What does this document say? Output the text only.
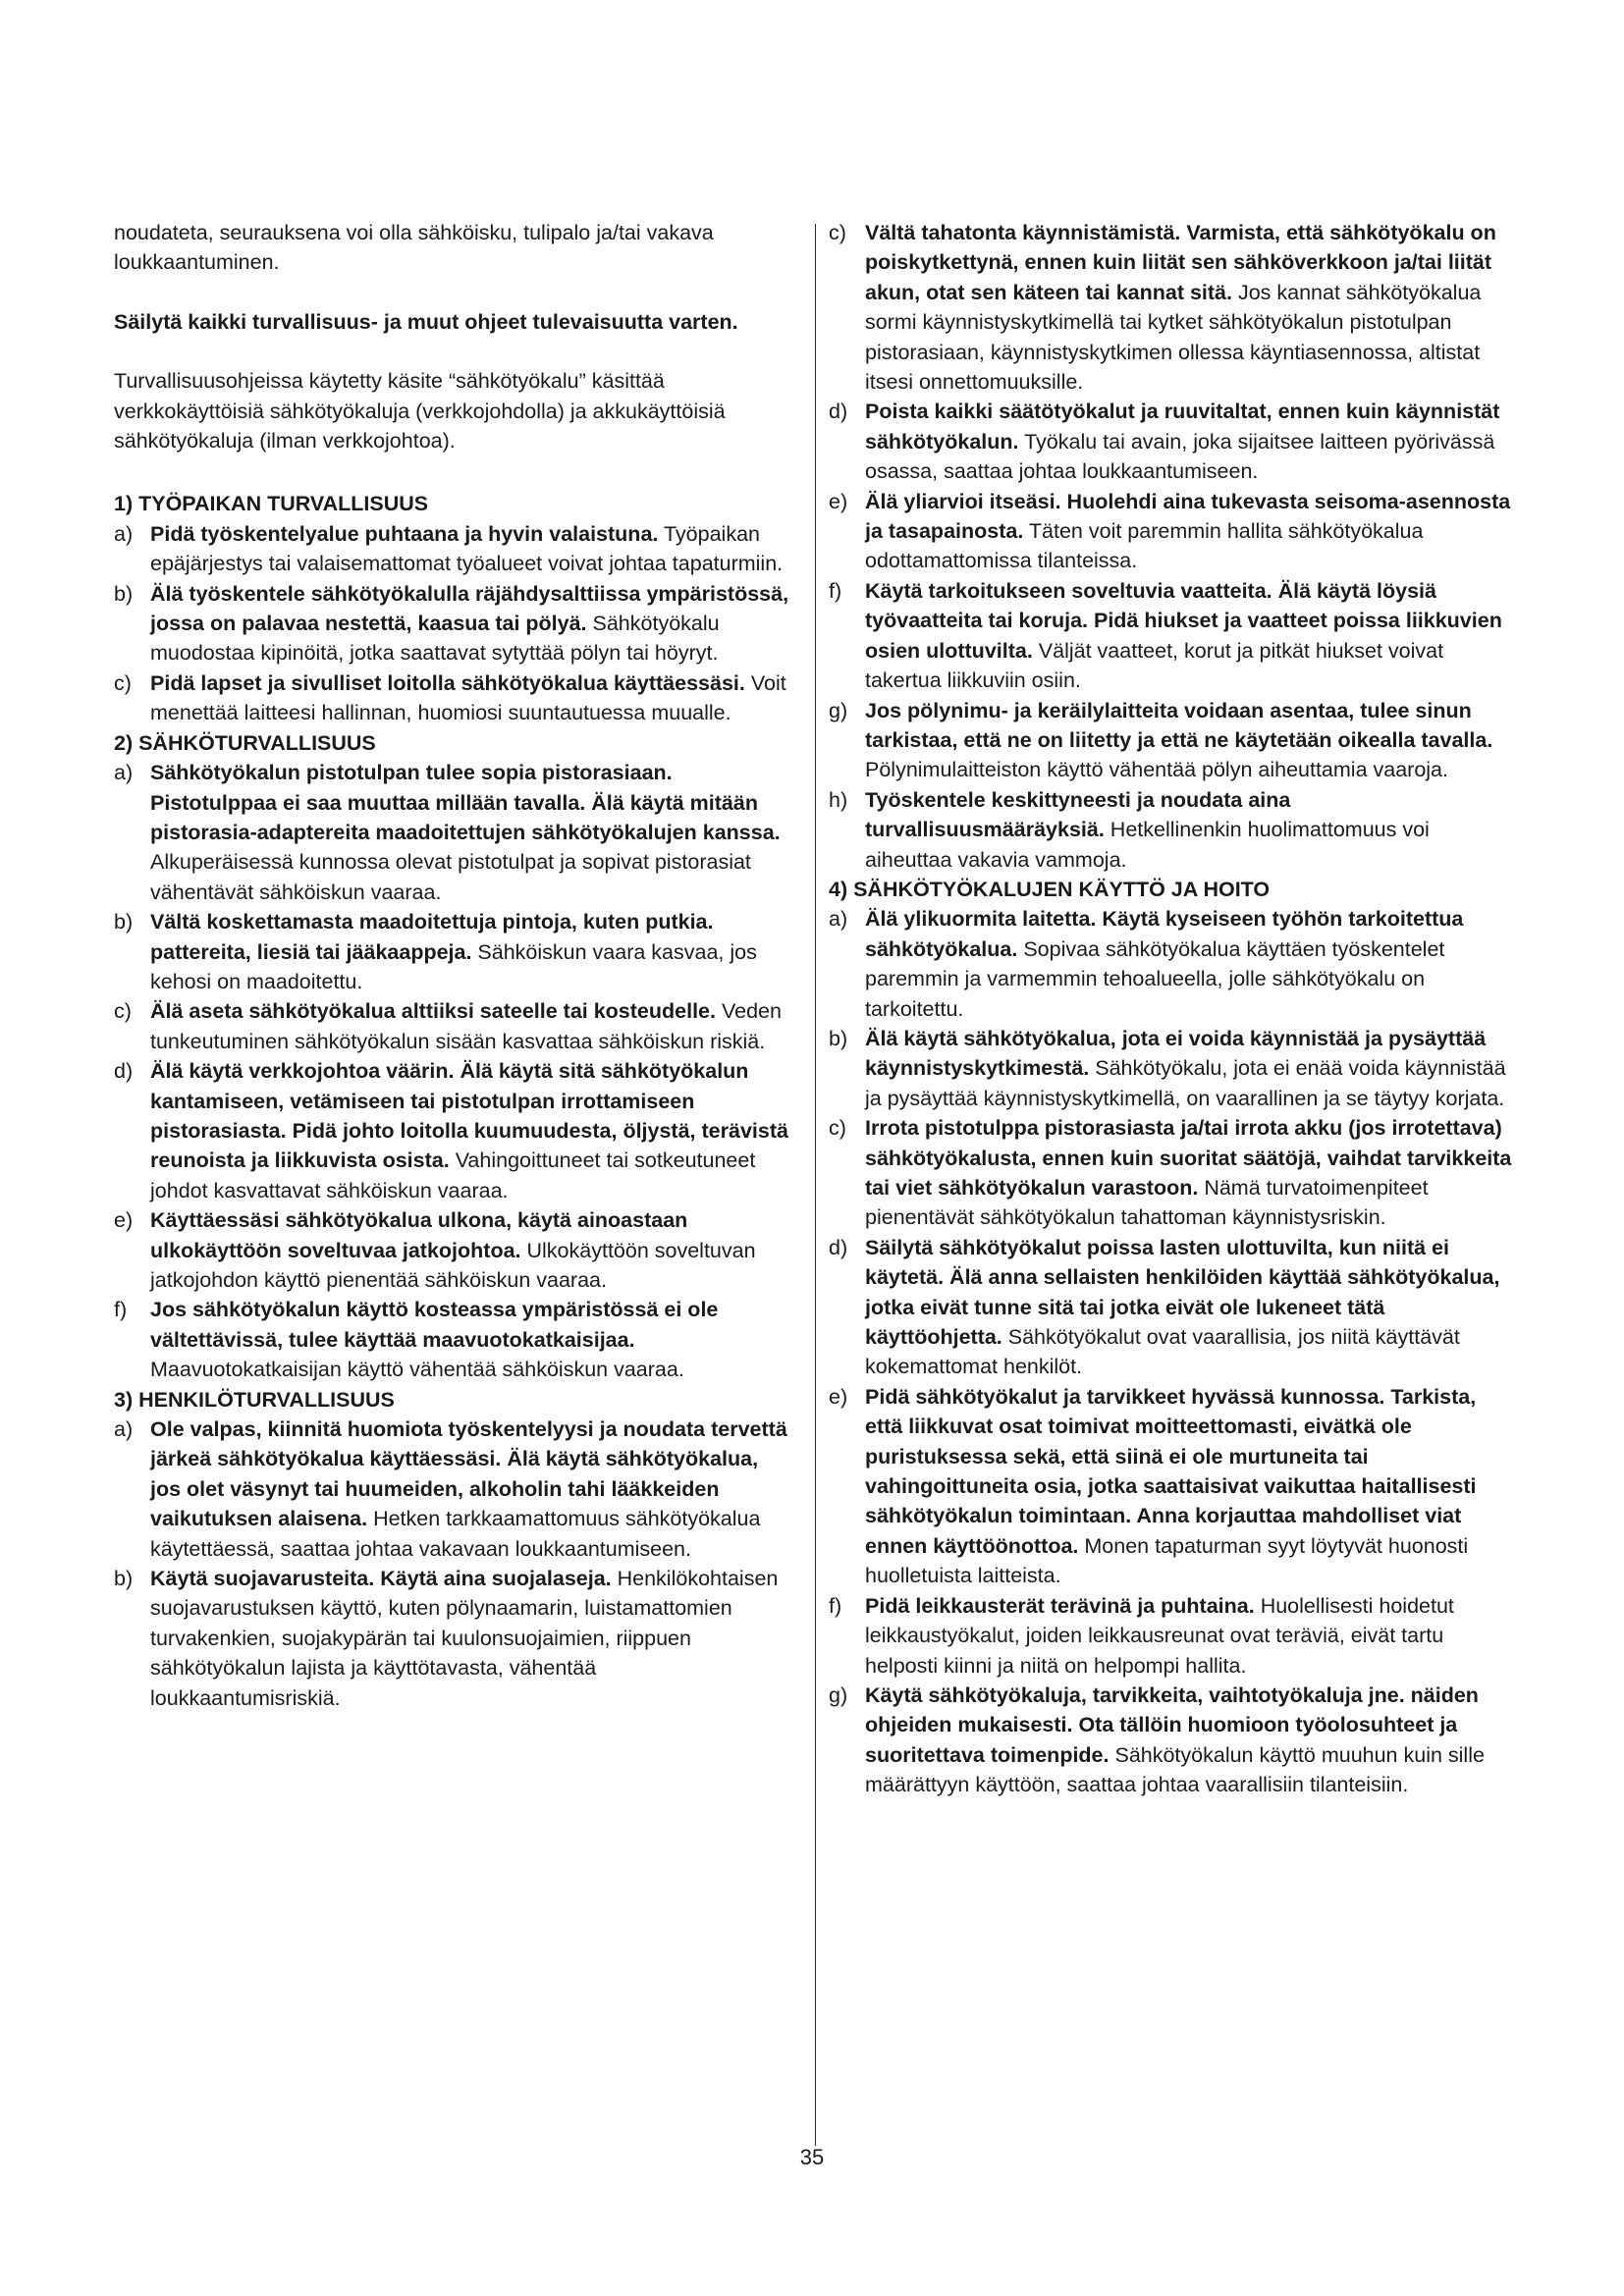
noudateta, seurauksena voi olla sähköisku, tulipalo ja/tai vakava loukkaantuminen.

Säilytä kaikki turvallisuus- ja muut ohjeet tulevaisuutta varten.

Turvallisuusohjeissa käytetty käsite “sähkötyökalu” käsittää verkkokäyttöisiä sähkötyökaluja (verkkojohdolla) ja akkukäyttöisiä sähkötyökaluja (ilman verkkojohtoa).

1) TYÖPAIKAN TURVALLISUUS

a) Pidä työskentelyalue puhtaana ja hyvin valaistuna. Työpaikan epäjärjestys tai valaisemattomat työalueet voivat johtaa tapaturmiin.
b) Älä työskentele sähkötyökalulla räjähdysalttiissa ympäristössä, jossa on palavaa nestettä, kaasua tai pölyä. Sähkötyökalu muodostaa kipinöitä, jotka saattavat sytyttää pölyn tai höyryt.
c) Pidä lapset ja sivulliset loitolla sähkötyökalua käyttäessäsi. Voit menettää laitteesi hallinnan, huomiosi suuntautuessa muualle.

2) SÄHKÖTURVALLISUUS

a) Sähkötyökalun pistotulpan tulee sopia pistorasiaan. Pistotulppaa ei saa muuttaa millään tavalla. Älä käytä mitään pistorasia-adaptereita maadoitettujen sähkötyökalujen kanssa. Alkuperäisessä kunnossa olevat pistotulpat ja sopivat pistorasiat vähentävät sähköiskun vaaraa.
b) Vältä koskettamasta maadoitettuja pintoja, kuten putkia. pattereita, liesiä tai jääkaappeja. Sähköiskun vaara kasvaa, jos kehosi on maadoitettu.
c) Älä aseta sähkötyökalua alttiiksi sateelle tai kosteudelle. Veden tunkeutuminen sähkötyökalun sisään kasvattaa sähköiskun riskiä.
d) Älä käytä verkkojohtoa väärin. Älä käytä sitä sähkötyökalun kantamiseen, vetämiseen tai pistotulpan irrottamiseen pistorasiasta. Pidä johto loitolla kuumuudesta, öljystä, terävistä reunoista ja liikkuvista osista. Vahingoittuneet tai sotkeutuneet johdot kasvattavat sähköiskun vaaraa.
e) Käyttäessäsi sähkötyökalua ulkona, käytä ainoastaan ulkokäyttöön soveltuvaa jatkojohtoa. Ulkokäyttöön soveltuvan jatkojohdon käyttö pienentää sähköiskun vaaraa.
f) Jos sähkötyökalun käyttö kosteassa ympäristössä ei ole vältettävissä, tulee käyttää maavuotokatkaisijaa. Maavuotokatkaisijan käyttö vähentää sähköiskun vaaraa.

3) HENKILÖTURVALLISUUS

a) Ole valpas, kiinnitä huomiota työskentelyysi ja noudata tervettä järkeä sähkötyökalua käyttäessäsi. Älä käytä sähkötyökalua, jos olet väsynyt tai huumeiden, alkoholin tahi lääkkeiden vaikutuksen alaisena. Hetken tarkkaamattomuus sähkötyökalua käytettäessä, saattaa johtaa vakavaan loukkaantumiseen.
b) Käytä suojavarusteita. Käytä aina suojalaseja. Henkilökohtaisen suojavarustuksen käyttö, kuten pölynaamarin, luistamattomien turvakenkien, suojakypärän tai kuulonsuojaimien, riippuen sähkötyökalun lajista ja käyttötavasta, vähentää loukkaantumisriskiä.
c) Vältä tahatonta käynnistämistä. Varmista, että sähkötyökalu on poiskytkettynä, ennen kuin liität sen sähköverkkoon ja/tai liität akun, otat sen käteen tai kannat sitä. Jos kannat sähkötyökalua sormi käynnistyskytkimellä tai kytket sähkötyökalun pistotulpan pistorasiaan, käynnistyskytkimen ollessa käyntiasennossa, altistat itsesi onnettomuuksille.
d) Poista kaikki säätötyökalut ja ruuvitaltat, ennen kuin käynnistät sähkötyökalun. Työkalu tai avain, joka sijaitsee laitteen pyörivässä osassa, saattaa johtaa loukkaantumiseen.
e) Älä yliarvioi itseäsi. Huolehdi aina tukevasta seisoma-asennosta ja tasapainosta. Täten voit paremmin hallita sähkötyökalua odottamattomissa tilanteissa.
f) Käytä tarkoitukseen soveltuvia vaatteita. Älä käytä löysiä työvaatteita tai koruja. Pidä hiukset ja vaatteet poissa liikkuvien osien ulottuvilta. Väljät vaatteet, korut ja pitkät hiukset voivat takertua liikkuviin osiin.
g) Jos pölynimu- ja keräilylaitteita voidaan asentaa, tulee sinun tarkistaa, että ne on liitetty ja että ne käytetään oikealla tavalla. Pölynimulaitteiston käyttö vähentää pölyn aiheuttamia vaaroja.
h) Työskentele keskittyneesti ja noudata aina turvallisuusmääräyksiä. Hetkellinenkin huolimattomuus voi aiheuttaa vakavia vammoja.

4) SÄHKÖTYÖKALUJEN KÄYTTÖ JA HOITO

a) Älä ylikuormita laitetta. Käytä kyseiseen työhön tarkoitettua sähkötyökalua. Sopivaa sähkötyökalua käyttäen työskentelet paremmin ja varmemmin tehoalueella, jolle sähkötyökalu on tarkoitettu.
b) Älä käytä sähkötyökalua, jota ei voida käynnistää ja pysäyttää käynnistyskytkimestä. Sähkötyökalu, jota ei enää voida käynnistää ja pysäyttää käynnistyskytkimellä, on vaarallinen ja se täytyy korjata.
c) Irrota pistotulppa pistorasiasta ja/tai irrota akku (jos irrotettava) sähkötyökalusta, ennen kuin suoritat säätöjä, vaihdat tarvikkeita tai viet sähkötyökalun varastoon. Nämä turvatoimenpiteet pienentävät sähkötyökalun tahattoman käynnistysriskin.
d) Säilytä sähkötyökalut poissa lasten ulottuvilta, kun niitä ei käytetä. Älä anna sellaisten henkilöiden käyttää sähkötyökalua, jotka eivät tunne sitä tai jotka eivät ole lukeneet tätä käyttöohjetta. Sähkötyökalut ovat vaarallisia, jos niitä käyttävät kokemattomat henkilöt.
e) Pidä sähkötyökalut ja tarvikkeet hyvässä kunnossa. Tarkista, että liikkuvat osat toimivat moitteettomasti, eivätkä ole puristuksessa sekä, että siinä ei ole murtuneita tai vahingoittuneita osia, jotka saattaisivat vaikuttaa haitallisesti sähkötyökalun toimintaan. Anna korjauttaa mahdolliset viat ennen käyttöönottoa. Monen tapaturman syyt löytyvät huonosti huolletuista laitteista.
f) Pidä leikkausterät terävinä ja puhtaina. Huolellisesti hoidetut leikkaustyökalut, joiden leikkausreunat ovat teräviä, eivät tartu helposti kiinni ja niitä on helpompi hallita.
g) Käytä sähkötyökaluja, tarvikkeita, vaihtotyökaluja jne. näiden ohjeiden mukaisesti. Ota tällöin huomioon työolosuhteet ja suoritettava toimenpide. Sähkötyökalun käyttö muuhun kuin sille määrättyyn käyttöön, saattaa johtaa vaarallisiin tilanteisiin.
35
